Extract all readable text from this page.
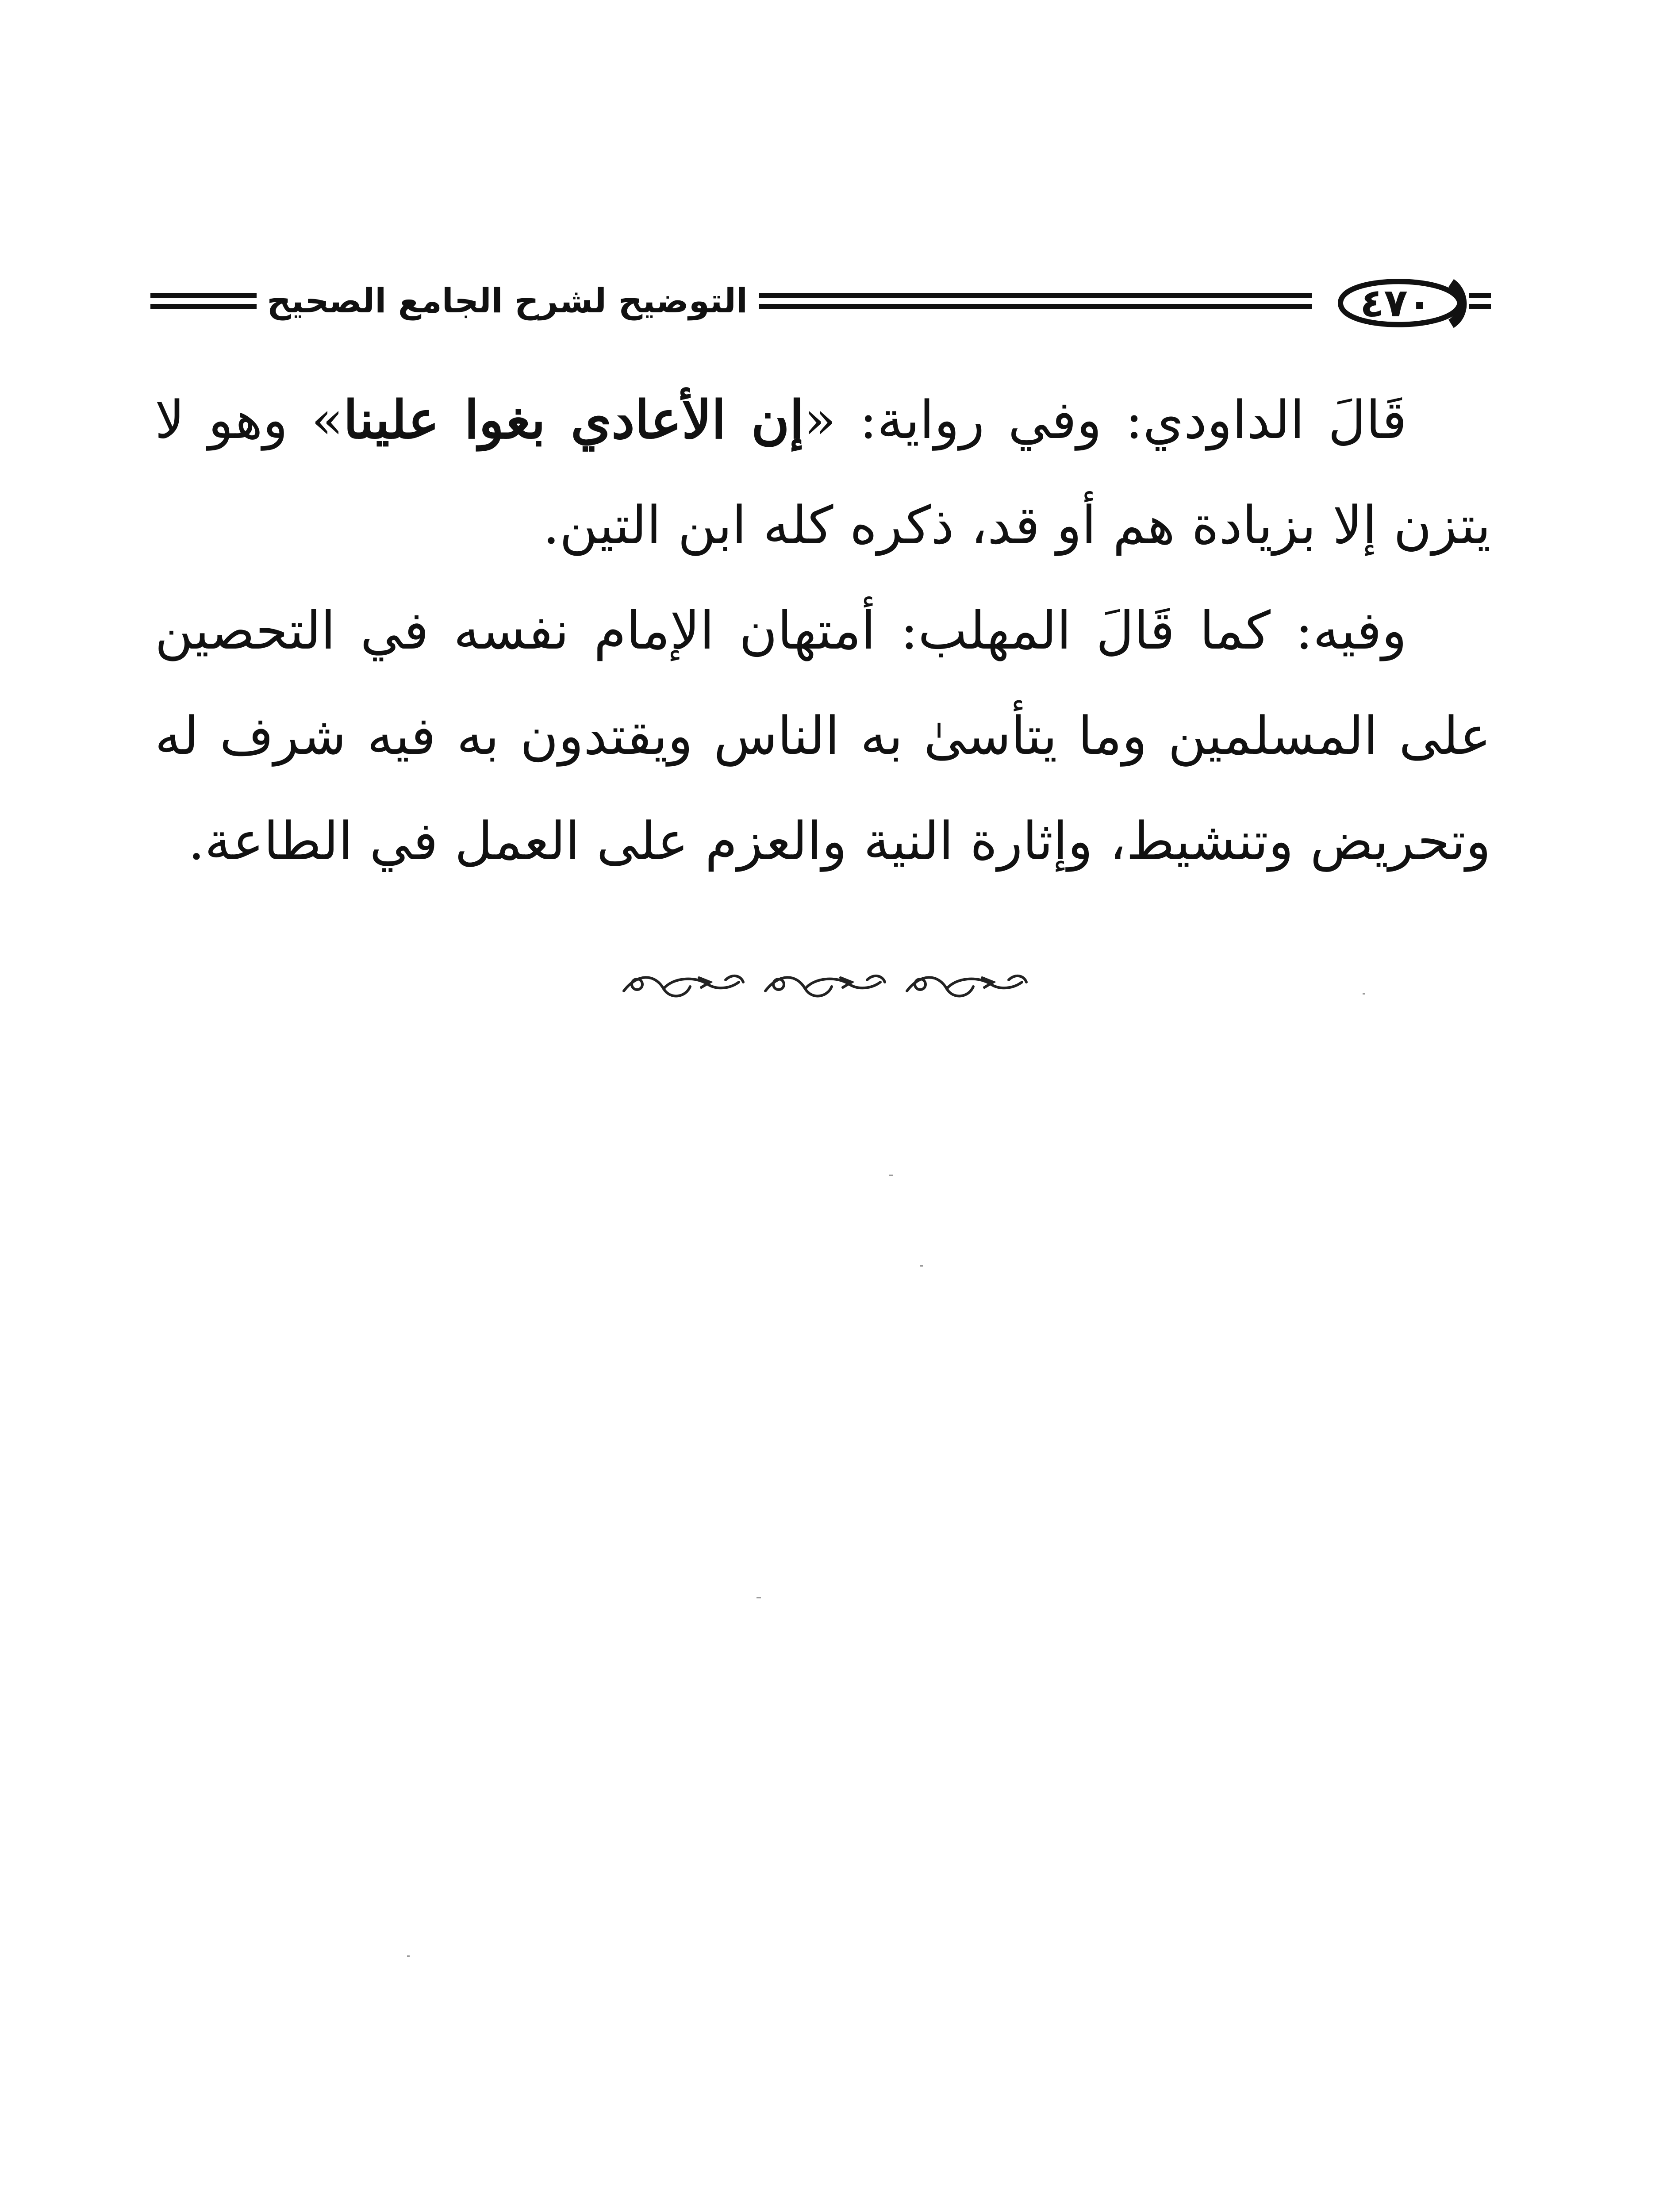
التوضيح لشرح الجامع الصحيح	٤٧٠

قَالَ الداودي: وفي رواية: «إن الأعادي بغوا علينا» وهو لا يتزن إلا بزيادة هم أو قد، ذكره كله ابن التين.

وفيه: كما قَالَ المهلب: أمتهان الإمام نفسه في التحصين على المسلمين وما يتأسىٰ به الناس ويقتدون به فيه شرف له وتحريض وتنشيط، وإثارة النية والعزم على العمل في الطاعة.
